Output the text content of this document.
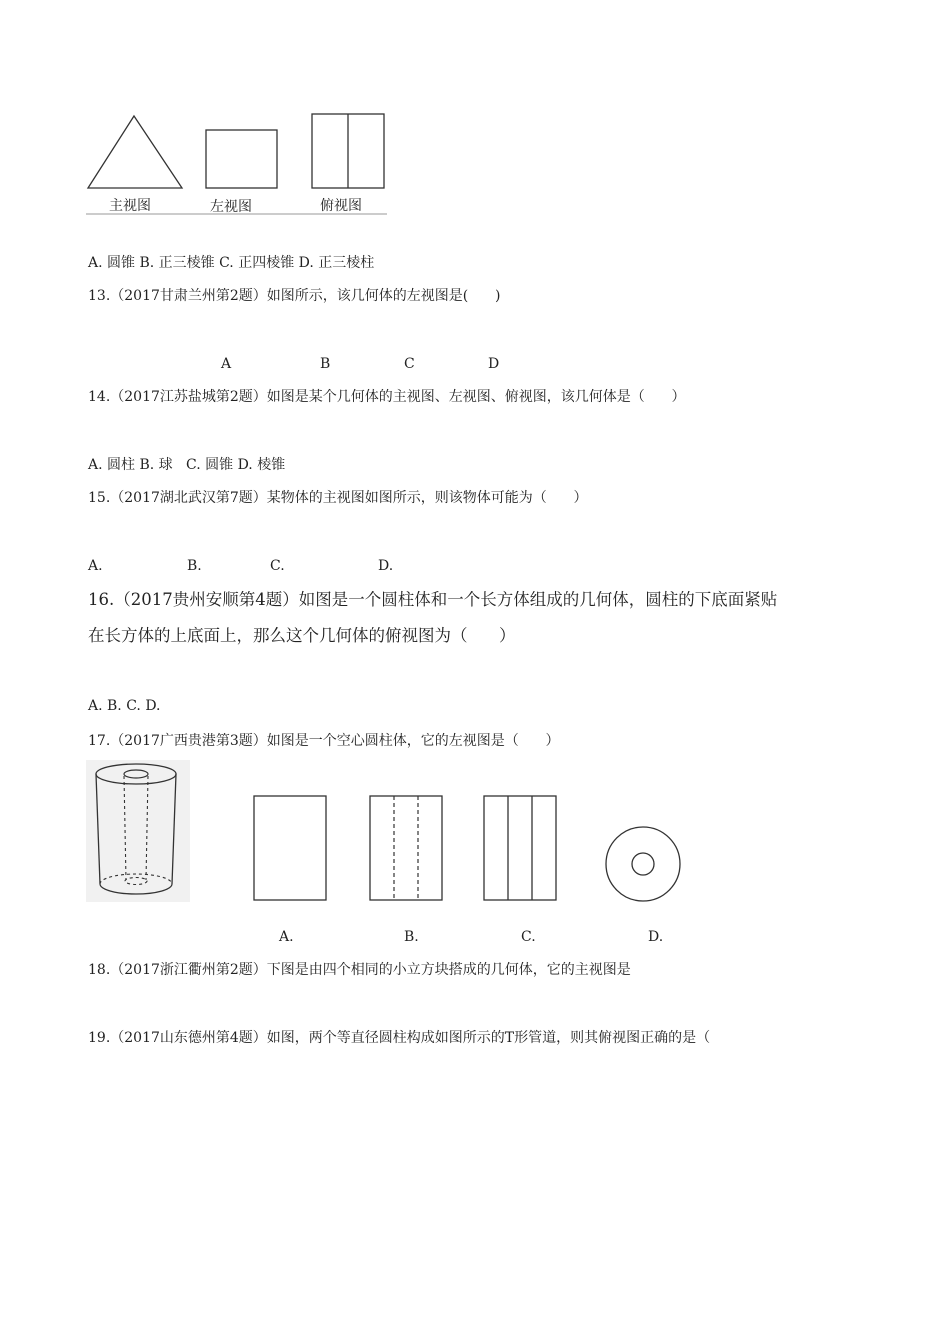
主视图	左视图	俯视图
A. 圆锥 B. 正三棱锥 C. 正四棱锥 D. 正三棱柱
13.（2017甘肃兰州第2题）如图所示，该几何体的左视图是(      )
A	B	C	D
14.（2017江苏盐城第2题）如图是某个几何体的主视图、左视图、俯视图，该几何体是（      ）
A. 圆柱 B. 球   C. 圆锥 D. 棱锥
15.（2017湖北武汉第7题）某物体的主视图如图所示，则该物体可能为（      ）
A.	B.	C.	D.
16.（2017贵州安顺第4题）如图是一个圆柱体和一个长方体组成的几何体，圆柱的下底面紧贴
在长方体的上底面上，那么这个几何体的俯视图为（      ）
A. B. C. D.
17.（2017广西贵港第3题）如图是一个空心圆柱体，它的左视图是（      ）
A.	B.	C.	D.
18.（2017浙江衢州第2题）下图是由四个相同的小立方块搭成的几何体，它的主视图是
19.（2017山东德州第4题）如图，两个等直径圆柱构成如图所示的T形管道，则其俯视图正确的是（
